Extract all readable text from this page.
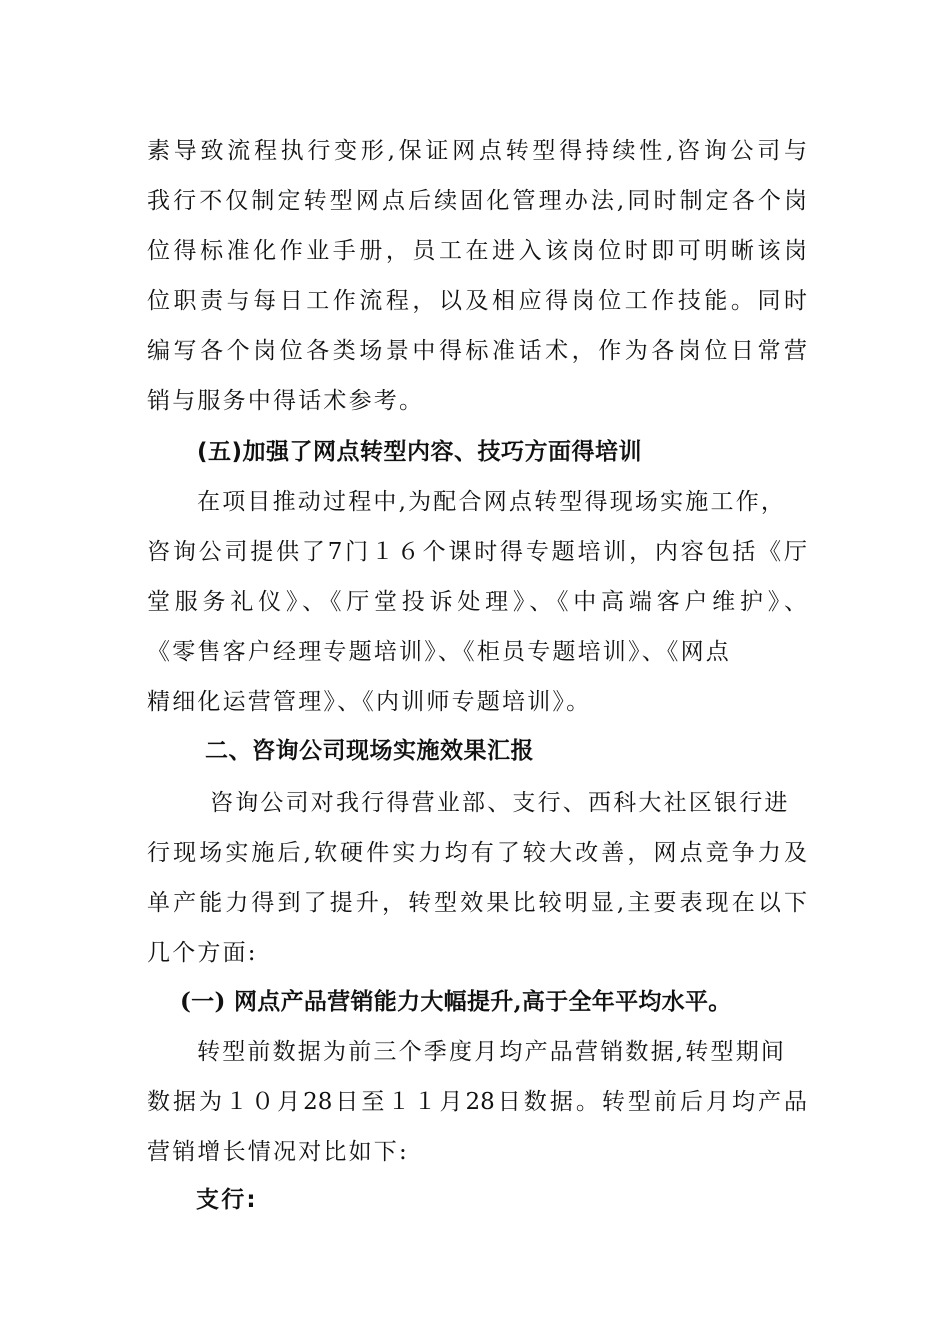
素导致流程执行变形,保证网点转型得持续性,咨询公司与
我行不仅制定转型网点后续固化管理办法,同时制定各个岗
位得标准化作业手册，员工在进入该岗位时即可明晰该岗
位职责与每日工作流程，以及相应得岗位工作技能。同时
编写各个岗位各类场景中得标准话术，作为各岗位日常营
销与服务中得话术参考。
(五)加强了网点转型内容、技巧方面得培训
在项目推动过程中,为配合网点转型得现场实施工作，
咨询公司提供了7门１６个课时得专题培训，内容包括《厅
堂服务礼仪》、《厅堂投诉处理》、《中高端客户维护》、
《零售客户经理专题培训》、《柜员专题培训》、《网点
精细化运营管理》、《内训师专题培训》。
二、咨询公司现场实施效果汇报
咨询公司对我行得营业部、支行、西科大社区银行进
行现场实施后,软硬件实力均有了较大改善，网点竞争力及
单产能力得到了提升，转型效果比较明显,主要表现在以下
几个方面:
(一) 网点产品营销能力大幅提升,高于全年平均水平。
转型前数据为前三个季度月均产品营销数据,转型期间
数据为１０月28日至１１月28日数据。转型前后月均产品
营销增长情况对比如下:
支行:
